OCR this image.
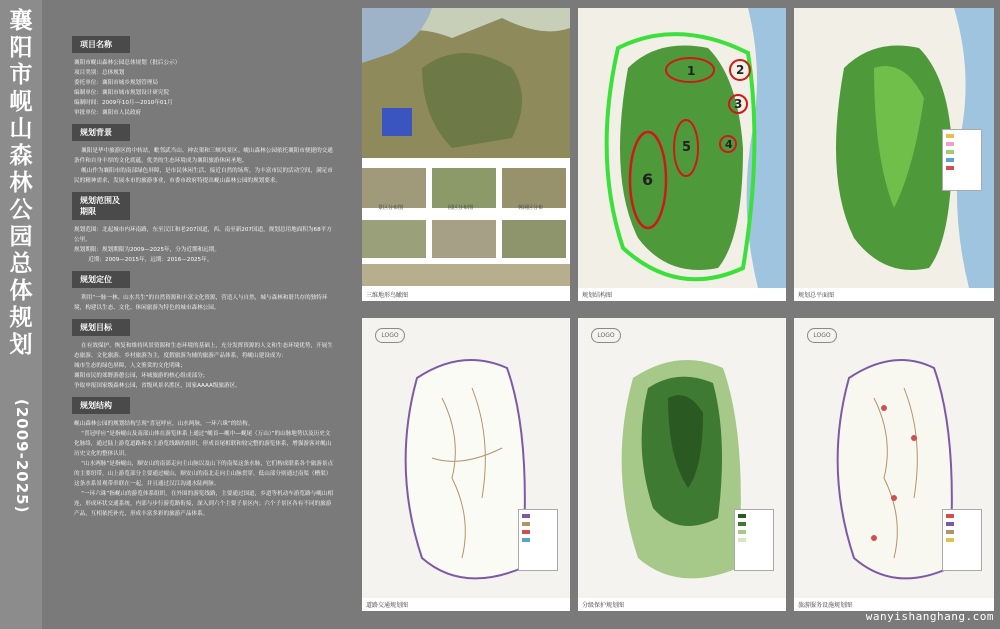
襄
阳
市
岘
山
森
林
公
园
总
体
规
划
(2009-2025)
项目名称
襄阳市岘山森林公园总体规划（批后公示）
项目类别：总体规划
委托单位：襄阳市城乡规划管理局
编制单位：襄阳市城市规划设计研究院
编制时间：2009年10月—2010年01月
审批单位：襄阳市人民政府
规划背景
襄阳是华中旅游区的中转站，毗邻武当山、神农架和三峡风景区。岘山森林公园依托襄阳市便捷的交通条件和自身丰厚的文化底蕴，优美的生态环境成为襄阳旅游休闲圣地。
岘山作为襄阳市的南部绿色屏障，是市民休闲生活、接近自然的场所，为丰富市民的活动空间，满足市民的精神需求，发展本市的旅游事业，市委市政府特提出岘山森林公园的规划要求。
规划范围及期限
规划范围：北起城市内环南路，东至汉江和老207国道，西、南至新207国道，规划总用地面积为68平方公里。
规划期限：规划期限为2009—2025年，分为近期和远期。
近期：2009—2015年，远期：2016—2025年。
规划定位
利用“一脉一林、山水共生”的自然资源和丰富文化资源，营造人与自然，城与森林和谐共存的独特环境，构建以生态、文化、休闲旅游为特色的城市森林公园。
规划目标
在有效保护、恢复和维持风景资源和生态环境的基础上，充分发挥资源的人文和生态环境优势，开展生态旅游、文化旅游、乡村旅游为主，度假旅游为辅的旅游产品体系，将岘山建设成为：
城市生态的绿色屏障，人文鉴赏的文化明珠；
襄阳市民的郊野游憩公园，环城旅游的核心组成部分；
争取申报国家级森林公园，省级风景名胜区，国家AAAA级旅游区。
规划结构
岘山森林公园的规划结构呈现“喜冠呼应，山水两脉，一环六珠”的结构。
“喜冠呼应”是指岘山及南部山体在游览体系上通过“岘首—岘中—岘尾（万山）”的山脉地势以及历史文化脉络，通过陆上游览道路和水上游览线路的组织，形成首尾相联和较完整的游览体系，增强游客对岘山历史文化的整体认识。
“山水两脉”是指岘山，顺安山的南部走向主山脉以及山下的南渠这条水脉，它们构成联系各个旅游景点的主要纽带，山上游览部分主要通过岘山，顺安山的南北走向主山脉贯穿，低山部分则通过南渠（槽渠）这条水系景观带串联在一起，并且通过汉江沟通水陆两脉。
“一环六珠”指岘山的游览体系组织，在外围的游览线路，主要通过国道，乡道等机动车游览路与岘山相连，形成环状交通系统，内部与步行游览路衔接，深入到六个主要子景区内；六个子景区各有不同的旅游产品，互相依托补充，形成丰富多彩的旅游产品体系。
景区分布图	园区分布图	休闲区分布
三维地形鸟瞰图
1	2
3
4
5
6
规划结构图	规划总平面图
LOGO
道路交通规划图
LOGO
分级保护规划图
LOGO
旅游服务设施规划图
wanyishanghang.com
